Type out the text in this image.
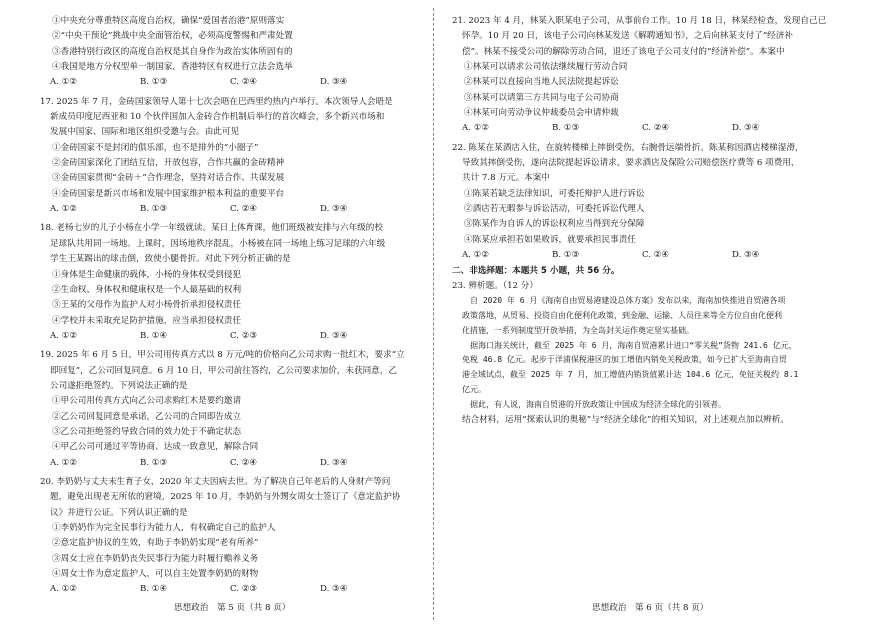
①中央充分尊重特区高度自治权，确保“爱国者治港”原则落实
②“中央干预论”挑战中央全面管治权，必须高度警惕和严肃处置
③香港特别行政区的高度自治权是其自身作为政治实体所固有的
④我国是地方分权型单一制国家，香港特区有权进行立法会选举
A. ①②	B. ①③	C. ②④	D. ③④
17. 2025 年 7 月，金砖国家领导人第十七次会晤在巴西里约热内卢举行。本次领导人会晤是
新成员印度尼西亚和 10 个伙伴国加入金砖合作机制后举行的首次峰会，多个新兴市场和
发展中国家、国际和地区组织受邀与会。由此可见
①金砖国家不是封闭的俱乐部，也不是排外的“小圈子”
②金砖国家深化了团结互信，开放包容，合作共赢的金砖精神
③金砖国家贯彻“金砖＋”合作理念，坚持对话合作、共谋发展
④金砖国家是新兴市场和发展中国家维护根本利益的重要平台
A. ①②	B. ①③	C. ②④	D. ③④
18. 老杨七岁的儿子小杨在小学一年级就读。某日上体育课，他们班级被安排与六年级的校
足球队共用同一场地。上课时，因场地秩序混乱，小杨被在同一场地上练习足球的六年级
学生王某踢出的球击倒，致使小腿骨折。对此下列分析正确的是
①身体是生命健康的载体，小杨的身体权受到侵犯
②生命权、身体权和健康权是一个人最基础的权利
③王某的父母作为监护人对小杨骨折承担侵权责任
④学校并未采取充足防护措施，应当承担侵权责任
A. ①②	B. ①④	C. ②③	D. ③④
19. 2025 年 6 月 5 日，甲公司用传真方式以 8 万元/吨的价格向乙公司求购一批红木，要求“立
即回复”，乙公司回复同意。6 月 10 日，甲公司前往答约，乙公司要求加价，未获同意，乙
公司遂拒绝签约。下列说法正确的是
①甲公司用传真方式向乙公司求购红木是要约邀请
②乙公司回复同意是承诺，乙公司的合同即告成立
③乙公司拒绝签约导致合同的效力处于不确定状态
④甲乙公司可通过平等协商、达成一致意见，解除合同
A. ①②	B. ①③	C. ②④	D. ③④
20. 李奶奶与丈夫未生育子女，2020 年丈夫因病去世。为了解决自己年老后的人身财产等问
题，避免出现老无所依的窘境，2025 年 10 月，李奶奶与外甥女周女士签订了《意定监护协
议》并进行公证。下列认识正确的是
①李奶奶作为完全民事行为能力人，有权确定自己的监护人
②意定监护协议的生效，有助于李奶奶实现“老有所养”
③周女士应在李奶奶丧失民事行为能力时履行赡养义务
④周女士作为意定监护人，可以自主处置李奶奶的财物
A. ①②	B. ①④	C. ②③	D. ③④
21. 2023 年 4 月，林某入职某电子公司，从事前台工作。10 月 18 日，林某经检查，发现自己已
怀孕。10 月 20 日，该电子公司向林某发送《解聘通知书》，之后向林某支付了“经济补
偿”。林某不接受公司的解除劳动合同，退还了该电子公司支付的“经济补偿”。本案中
①林某可以请求公司依法继续履行劳动合同
②林某可以直接向当地人民法院提起诉讼
③林某可以请第三方共同与电子公司协商
④林某可向劳动争议仲裁委员会申请仲裁
A. ①②	B. ①③	C. ②④	D. ③④
22. 陈某在某酒店入住，在旋转楼梯上摔倒受伤，右腕骨远端骨折。陈某称因酒店楼梯湿滑，
导致其摔倒受伤，遂向法院提起诉讼请求，要求酒店及保险公司赔偿医疗费等 6 项费用，
共计 7.8 万元。本案中
①陈某若缺乏法律知识，可委托辩护人进行诉讼
②酒店若无暇参与诉讼活动，可委托诉讼代理人
③陈某作为自诉人的诉讼权利应当得到充分保障
④陈某应承担若如果败诉，就要承担民事责任
A. ①②	B. ①③	C. ②④	D. ③④
二、非选择题：本题共 5 小题，共 56 分。
23. 辨析题。（12 分）
自 2020 年 6 月《海南自由贸易港建设总体方案》发布以来，海南加快推进自贸港各项
政策落地，从贸易、投资自由化便利化政策，到金融、运输、人员往来等全方位自由化便利
化措施，一系列制度型开放举措，为全岛封关运作奠定坚实基础。
据海口海关统计，截至 2025 年 6 月，海南自贸港累计进口“零关税”货物 241.6 亿元，
免税 46.8 亿元。起步于洋浦保税港区的加工增值内销免关税政策，如今已扩大至海南自贸
港全域试点，截至 2025 年 7 月，加工增值内销货值累计达 104.6 亿元，免征关税约 8.1
亿元。
据此，有人说，海南自贸港的开放政策让中国成为经济全球化的引领者。
结合材料，运用“探索认识的奥秘”与“经济全球化”的相关知识，对上述观点加以辨析。
思想政治　第 5 页（共 8 页）	思想政治　第 6 页（共 8 页）
